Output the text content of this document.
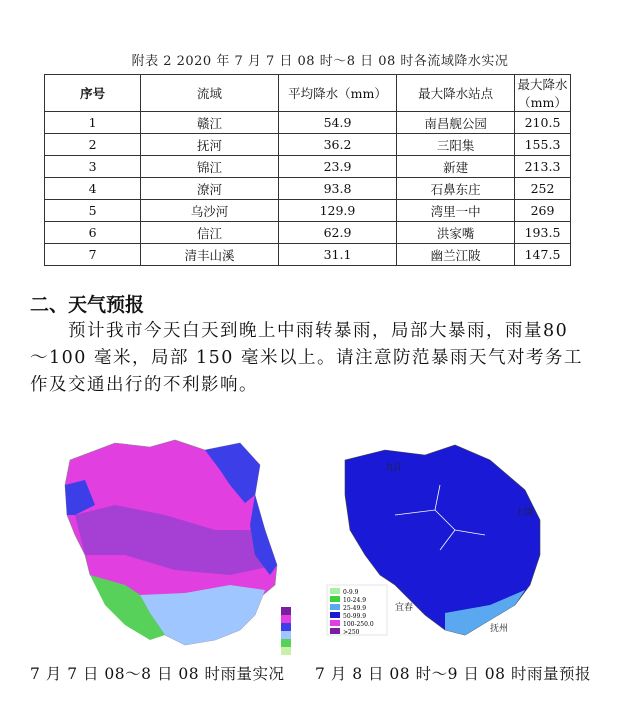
附表 2 2020 年 7 月 7 日 08 时～8 日 08 时各流域降水实况
序号	流域	平均降水（mm）	最大降水站点	最大降水（mm）
1	赣江	54.9	南昌舰公园	210.5
2	抚河	36.2	三阳集	155.3
3	锦江	23.9	新建	213.3
4	潦河	93.8	石鼻东庄	252
5	乌沙河	129.9	湾里一中	269
6	信江	62.9	洪家嘴	193.5
7	清丰山溪	31.1	幽兰江陂	147.5
二、天气预报

预计我市今天白天到晚上中雨转暴雨，局部大暴雨，雨量80～100 毫米，局部 150 毫米以上。请注意防范暴雨天气对考务工作及交通出行的不利影响。

九江
上饶
宜春
抚州
0-9.9
10-24.9
25-49.9
50-99.9
100-250.0
>250
7 月 7 日 08～8 日 08 时雨量实况 7 月 8 日 08 时～9 日 08 时雨量预报
